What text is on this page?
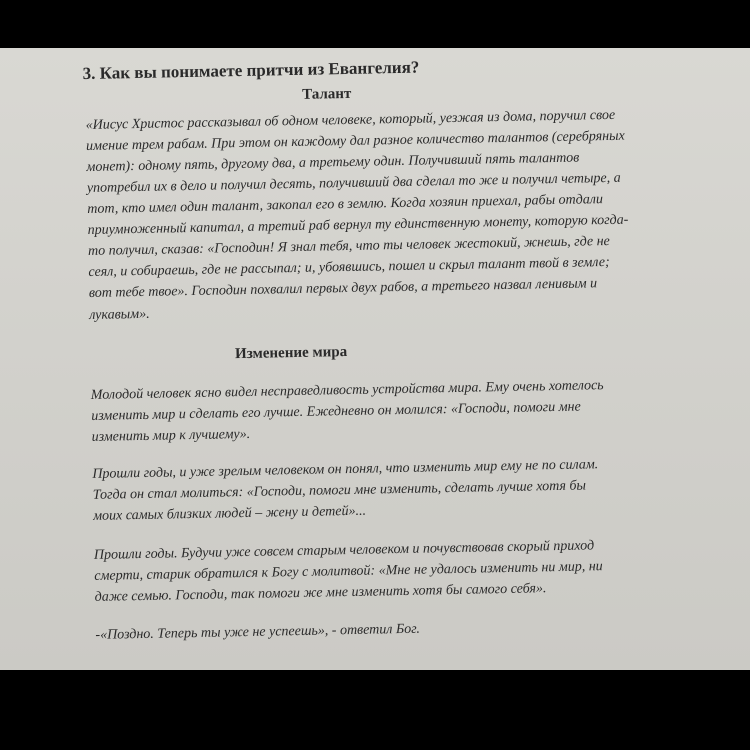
3. Как вы понимаете притчи из Евангелия?
Талант
«Иисус Христос рассказывал об одном человеке, который, уезжая из дома, поручил свое
имение трем рабам. При этом он каждому дал разное количество талантов (серебряных
монет): одному пять, другому два, а третьему один. Получивший пять талантов
употребил их в дело и получил десять, получивший два сделал то же и получил четыре, а
тот, кто имел один талант, закопал его в землю. Когда хозяин приехал, рабы отдали
приумноженный капитал, а третий раб вернул ту единственную монету, которую когда-
то получил, сказав: «Господин! Я знал тебя, что ты человек жестокий, жнешь, где не
сеял, и собираешь, где не рассыпал; и, убоявшись, пошел и скрыл талант твой в земле;
вот тебе твое». Господин похвалил первых двух рабов, а третьего назвал ленивым и
лукавым».
Изменение мира
Молодой человек ясно видел несправедливость устройства мира. Ему очень хотелось
изменить мир и сделать его лучше. Ежедневно он молился: «Господи, помоги мне
изменить мир к лучшему».
Прошли годы, и уже зрелым человеком он понял, что изменить мир ему не по силам.
Тогда он стал молиться: «Господи, помоги мне изменить, сделать лучше хотя бы
моих самых близких людей – жену и детей»...
Прошли годы. Будучи уже совсем старым человеком и почувствовав скорый приход
смерти, старик обратился к Богу с молитвой: «Мне не удалось изменить ни мир, ни
даже семью. Господи, так помоги же мне изменить хотя бы самого себя».
-«Поздно. Теперь ты уже не успеешь», - ответил Бог.
